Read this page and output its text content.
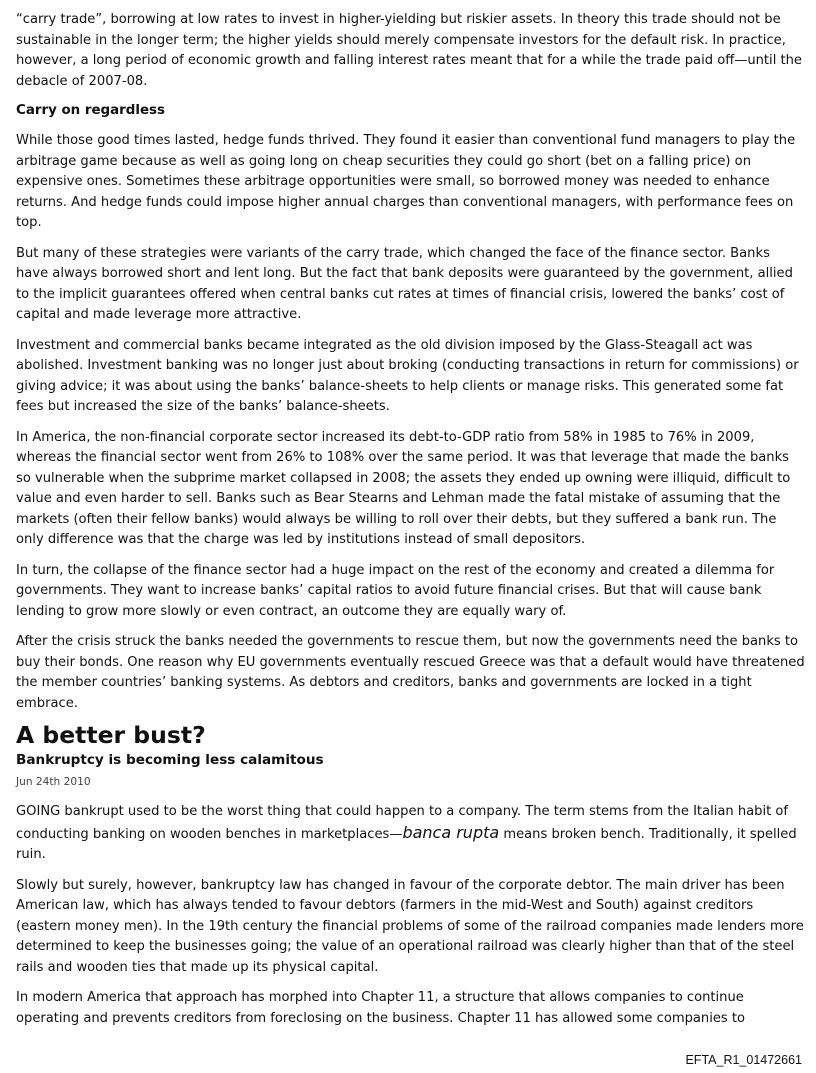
“carry trade”, borrowing at low rates to invest in higher-yielding but riskier assets. In theory this trade should not be sustainable in the longer term; the higher yields should merely compensate investors for the default risk. In practice, however, a long period of economic growth and falling interest rates meant that for a while the trade paid off—until the debacle of 2007-08.

Carry on regardless

While those good times lasted, hedge funds thrived. They found it easier than conventional fund managers to play the arbitrage game because as well as going long on cheap securities they could go short (bet on a falling price) on expensive ones. Sometimes these arbitrage opportunities were small, so borrowed money was needed to enhance returns. And hedge funds could impose higher annual charges than conventional managers, with performance fees on top.

But many of these strategies were variants of the carry trade, which changed the face of the finance sector. Banks have always borrowed short and lent long. But the fact that bank deposits were guaranteed by the government, allied to the implicit guarantees offered when central banks cut rates at times of financial crisis, lowered the banks’ cost of capital and made leverage more attractive.

Investment and commercial banks became integrated as the old division imposed by the Glass-Steagall act was abolished. Investment banking was no longer just about broking (conducting transactions in return for commissions) or giving advice; it was about using the banks’ balance-sheets to help clients or manage risks. This generated some fat fees but increased the size of the banks’ balance-sheets.

In America, the non-financial corporate sector increased its debt-to-GDP ratio from 58% in 1985 to 76% in 2009, whereas the financial sector went from 26% to 108% over the same period. It was that leverage that made the banks so vulnerable when the subprime market collapsed in 2008; the assets they ended up owning were illiquid, difficult to value and even harder to sell. Banks such as Bear Stearns and Lehman made the fatal mistake of assuming that the markets (often their fellow banks) would always be willing to roll over their debts, but they suffered a bank run. The only difference was that the charge was led by institutions instead of small depositors.

In turn, the collapse of the finance sector had a huge impact on the rest of the economy and created a dilemma for governments. They want to increase banks’ capital ratios to avoid future financial crises. But that will cause bank lending to grow more slowly or even contract, an outcome they are equally wary of.

After the crisis struck the banks needed the governments to rescue them, but now the governments need the banks to buy their bonds. One reason why EU governments eventually rescued Greece was that a default would have threatened the member countries’ banking systems. As debtors and creditors, banks and governments are locked in a tight embrace.

A better bust?
Bankruptcy is becoming less calamitous
Jun 24th 2010

GOING bankrupt used to be the worst thing that could happen to a company. The term stems from the Italian habit of conducting banking on wooden benches in marketplaces—banca rupta means broken bench. Traditionally, it spelled ruin.

Slowly but surely, however, bankruptcy law has changed in favour of the corporate debtor. The main driver has been American law, which has always tended to favour debtors (farmers in the mid-West and South) against creditors (eastern money men). In the 19th century the financial problems of some of the railroad companies made lenders more determined to keep the businesses going; the value of an operational railroad was clearly higher than that of the steel rails and wooden ties that made up its physical capital.

In modern America that approach has morphed into Chapter 11, a structure that allows companies to continue operating and prevents creditors from foreclosing on the business. Chapter 11 has allowed some companies to

EFTA_R1_01472661
